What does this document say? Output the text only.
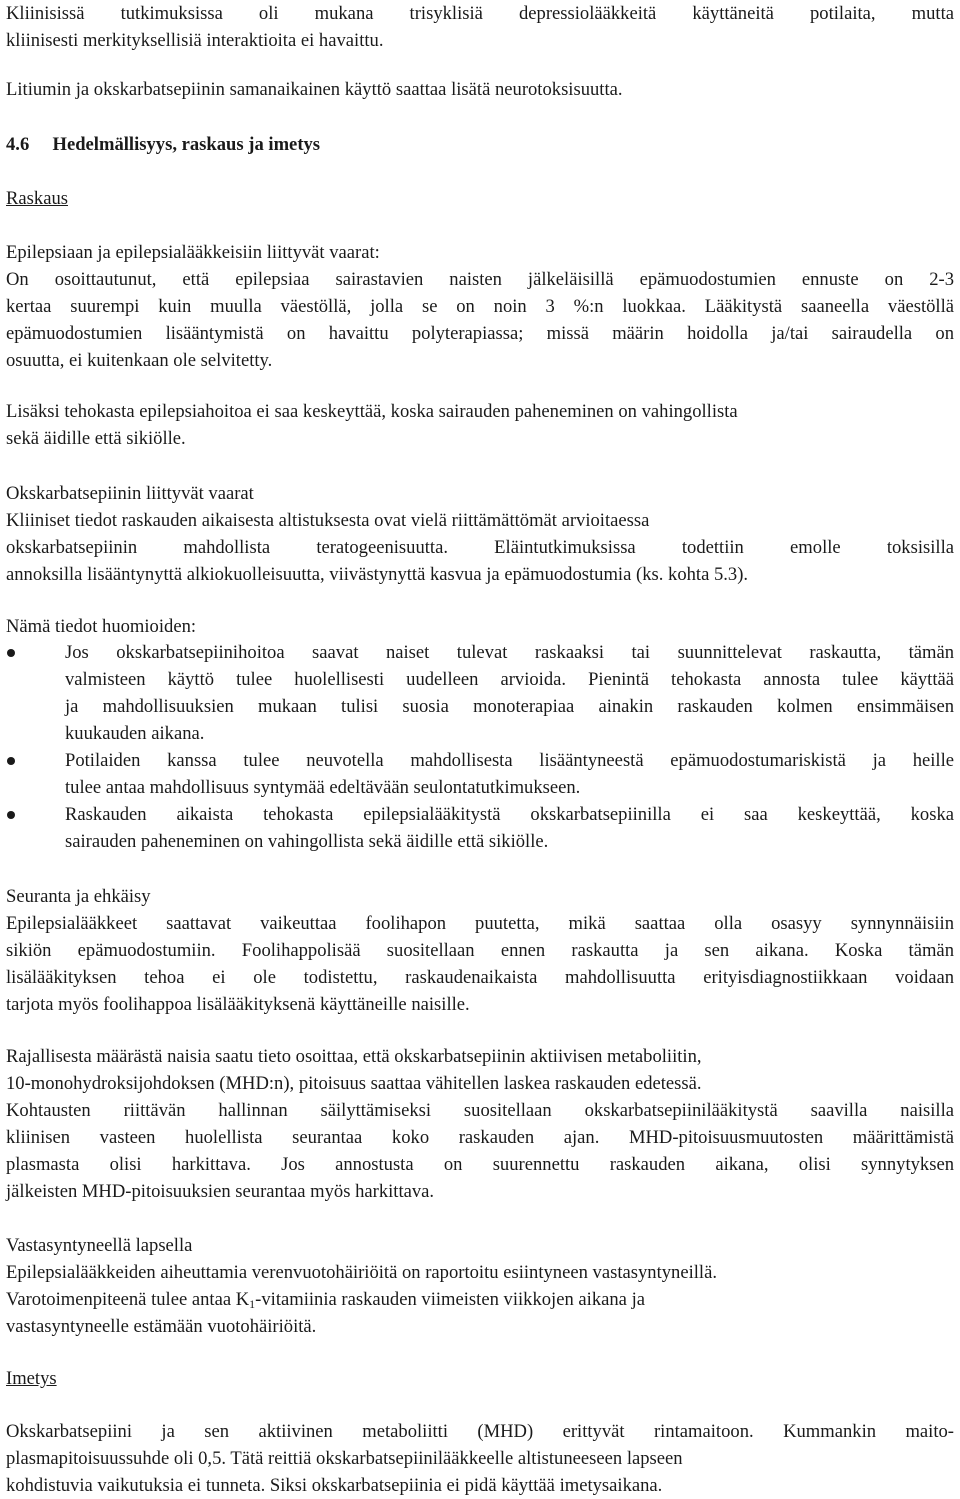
Kliinisissä tutkimuksissa oli mukana trisyklisiä depressiolääkkeitä käyttäneitä potilaita, mutta
kliinisesti merkityksellisiä interaktioita ei havaittu.

Litiumin ja okskarbatsepiinin samanaikainen käyttö saattaa lisätä neurotoksisuutta.

4.6 Hedelmällisyys, raskaus ja imetys

Raskaus

Epilepsiaan ja epilepsialääkkeisiin liittyvät vaarat:
On osoittautunut, että epilepsiaa sairastavien naisten jälkeläisillä epämuodostumien ennuste on 2-3
kertaa suurempi kuin muulla väestöllä, jolla se on noin 3 %:n luokkaa. Lääkitystä saaneella väestöllä
epämuodostumien lisääntymistä on havaittu polyterapiassa; missä määrin hoidolla ja/tai sairaudella on
osuutta, ei kuitenkaan ole selvitetty.

Lisäksi tehokasta epilepsiahoitoa ei saa keskeyttää, koska sairauden paheneminen on vahingollista
sekä äidille että sikiölle.

Okskarbatsepiinin liittyvät vaarat
Kliiniset tiedot raskauden aikaisesta altistuksesta ovat vielä riittämättömät arvioitaessa
okskarbatsepiinin mahdollista teratogeenisuutta. Eläintutkimuksissa todettiin emolle toksisilla
annoksilla lisääntynyttä alkiokuolleisuutta, viivästynyttä kasvua ja epämuodostumia (ks. kohta 5.3).

Nämä tiedot huomioiden:

Jos okskarbatsepiinihoitoa saavat naiset tulevat raskaaksi tai suunnittelevat raskautta, tämän
valmisteen käyttö tulee huolellisesti uudelleen arvioida. Pienintä tehokasta annosta tulee käyttää
ja mahdollisuuksien mukaan tulisi suosia monoterapiaa ainakin raskauden kolmen ensimmäisen
kuukauden aikana.
Potilaiden kanssa tulee neuvotella mahdollisesta lisääntyneestä epämuodostumariskistä ja heille
tulee antaa mahdollisuus syntymää edeltävään seulontatutkimukseen.
Raskauden aikaista tehokasta epilepsialääkitystä okskarbatsepiinilla ei saa keskeyttää, koska
sairauden paheneminen on vahingollista sekä äidille että sikiölle.

Seuranta ja ehkäisy
Epilepsialääkkeet saattavat vaikeuttaa foolihapon puutetta, mikä saattaa olla osasyy synnynnäisiin
sikiön epämuodostumiin. Foolihappolisää suositellaan ennen raskautta ja sen aikana. Koska tämän
lisälääkityksen tehoa ei ole todistettu, raskaudenaikaista mahdollisuutta erityisdiagnostiikkaan voidaan
tarjota myös foolihappoa lisälääkityksenä käyttäneille naisille.

Rajallisesta määrästä naisia saatu tieto osoittaa, että okskarbatsepiinin aktiivisen metaboliitin,
10-monohydroksijohdoksen (MHD:n), pitoisuus saattaa vähitellen laskea raskauden edetessä.
Kohtausten riittävän hallinnan säilyttämiseksi suositellaan okskarbatsepiinilääkitystä saavilla naisilla
kliinisen vasteen huolellista seurantaa koko raskauden ajan. MHD-pitoisuusmuutosten määrittämistä
plasmasta olisi harkittava. Jos annostusta on suurennettu raskauden aikana, olisi synnytyksen
jälkeisten MHD-pitoisuuksien seurantaa myös harkittava.

Vastasyntyneellä lapsella
Epilepsialääkkeiden aiheuttamia verenvuotohäiriöitä on raportoitu esiintyneen vastasyntyneillä.
Varotoimenpiteenä tulee antaa $K_1$-vitamiinia raskauden viimeisten viikkojen aikana ja
vastasyntyneelle estämään vuotohäiriöitä.

Imetys

Okskarbatsepiini ja sen aktiivinen metaboliitti (MHD) erittyvät rintamaitoon. Kummankin maito-
plasmapitoisuussuhde oli 0,5. Tätä reittiä okskarbatsepiinilääkkeelle altistuneeseen lapseen
kohdistuvia vaikutuksia ei tunneta. Siksi okskarbatsepiinia ei pidä käyttää imetysaikana.
